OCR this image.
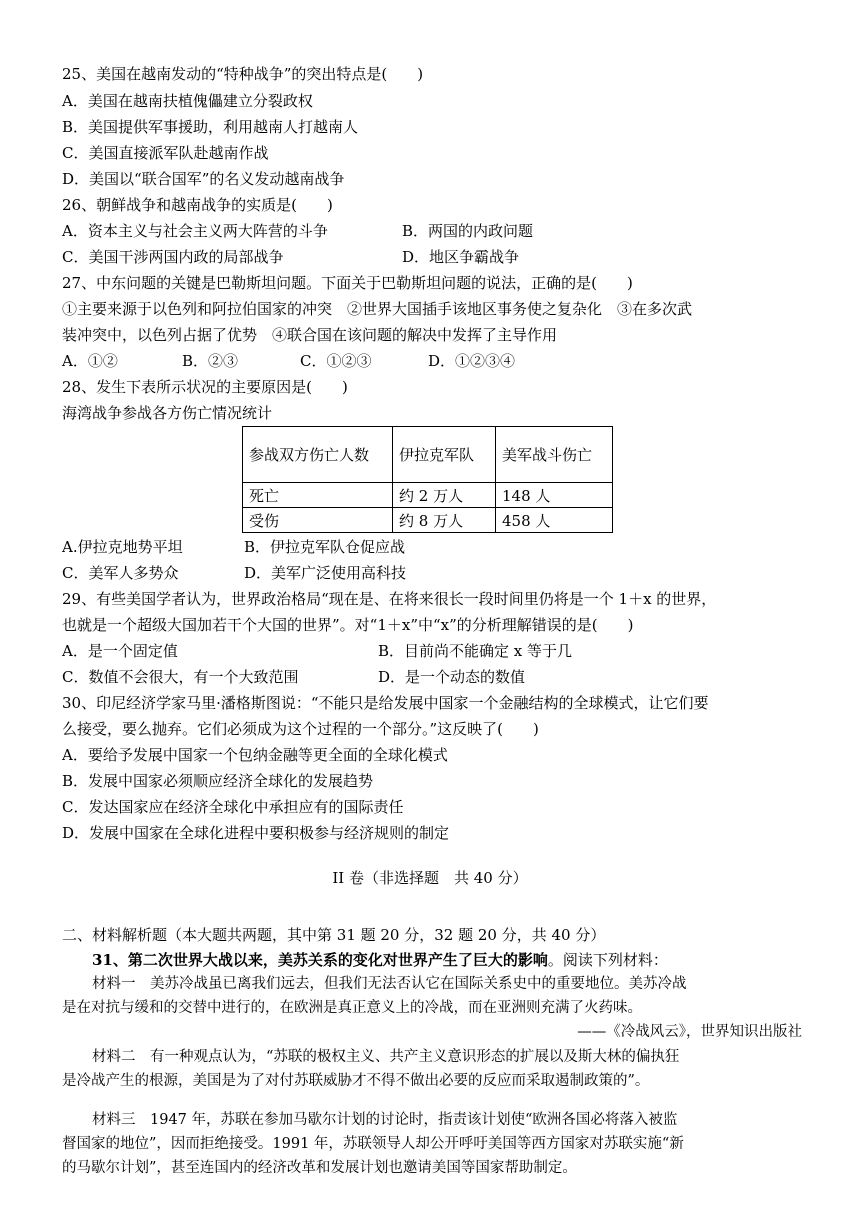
25、美国在越南发动的“特种战争”的突出特点是(　　)
A．美国在越南扶植傀儡建立分裂政权
B．美国提供军事援助，利用越南人打越南人
C．美国直接派军队赴越南作战
D．美国以“联合国军”的名义发动越南战争
26、朝鲜战争和越南战争的实质是(　　)
A．资本主义与社会主义两大阵营的斗争	B．两国的内政问题
C．美国干涉两国内政的局部战争	D．地区争霸战争
27、中东问题的关键是巴勒斯坦问题。下面关于巴勒斯坦问题的说法，正确的是(　　)
①主要来源于以色列和阿拉伯国家的冲突　②世界大国插手该地区事务使之复杂化　③在多次武
装冲突中，以色列占据了优势　④联合国在该问题的解决中发挥了主导作用
A．①②	B．②③	C．①②③	D．①②③④
28、发生下表所示状况的主要原因是(　　)
海湾战争参战各方伤亡情况统计
参战双方伤亡人数	伊拉克军队	美军战斗伤亡
死亡	约 2 万人	148 人
受伤	约 8 万人	458 人
A.伊拉克地势平坦	B．伊拉克军队仓促应战
C．美军人多势众	D．美军广泛使用高科技
29、有些美国学者认为，世界政治格局“现在是、在将来很长一段时间里仍将是一个 1＋x 的世界，
也就是一个超级大国加若干个大国的世界”。对“1＋x”中“x”的分析理解错误的是(　　)
A．是一个固定值	B．目前尚不能确定 x 等于几
C．数值不会很大，有一个大致范围	D．是一个动态的数值
30、印尼经济学家马里·潘格斯图说：“不能只是给发展中国家一个金融结构的全球模式，让它们要
么接受，要么抛弃。它们必须成为这个过程的一个部分。”这反映了(　　)
A．要给予发展中国家一个包纳金融等更全面的全球化模式
B．发展中国家必须顺应经济全球化的发展趋势
C．发达国家应在经济全球化中承担应有的国际责任
D．发展中国家在全球化进程中要积极参与经济规则的制定
II 卷（非选择题　共 40 分）
二、材料解析题（本大题共两题，其中第 31 题 20 分，32 题 20 分，共 40 分）
31、第二次世界大战以来，美苏关系的变化对世界产生了巨大的影响。阅读下列材料：
材料一　美苏冷战虽已离我们远去，但我们无法否认它在国际关系史中的重要地位。美苏冷战
是在对抗与缓和的交替中进行的，在欧洲是真正意义上的冷战，而在亚洲则充满了火药味。
——《冷战风云》，世界知识出版社
材料二　有一种观点认为，“苏联的极权主义、共产主义意识形态的扩展以及斯大林的偏执狂
是冷战产生的根源，美国是为了对付苏联威胁才不得不做出必要的反应而采取遏制政策的”。
材料三　1947 年，苏联在参加马歇尔计划的讨论时，指责该计划使“欧洲各国必将落入被监
督国家的地位”，因而拒绝接受。1991 年，苏联领导人却公开呼吁美国等西方国家对苏联实施“新
的马歇尔计划”，甚至连国内的经济改革和发展计划也邀请美国等国家帮助制定。
